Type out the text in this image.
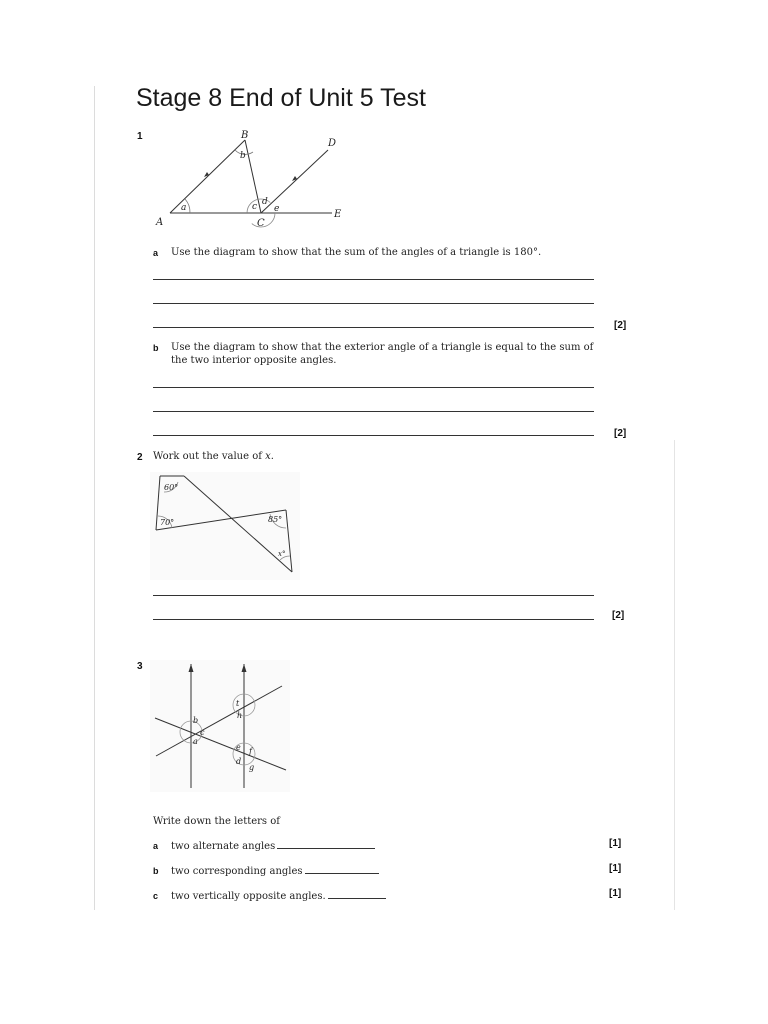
Stage 8 End of Unit 5 Test
1	B
D
A
E
C
a
b
c d
e
a Use the diagram to show that the sum of the angles of a triangle is 180°.
[2]
b Use the diagram to show that the exterior angle of a triangle is equal to the sum of
the two interior opposite angles.
[2]
2 Work out the value of x.
60°
70°	85°
x°
[2]
3
b
c
a
t
h
e f
d
g
Write down the letters of
a two alternate angles	[1]
b two corresponding angles	[1]
c two vertically opposite angles.	[1]
